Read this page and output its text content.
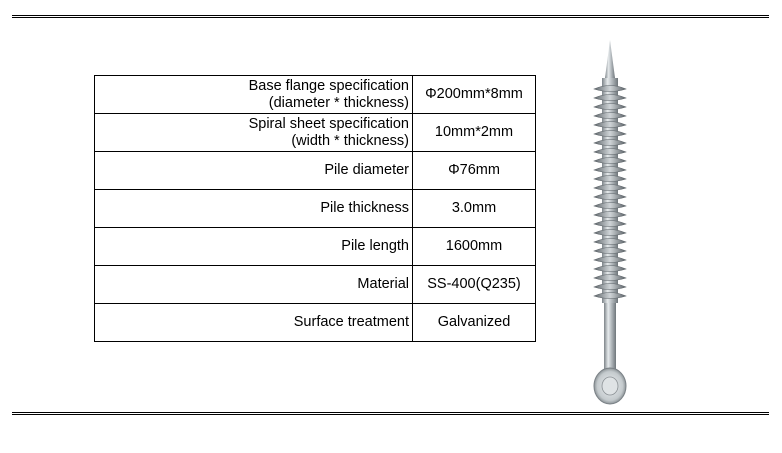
Base flange specification
(diameter * thickness)	Φ200mm*8mm

Spiral sheet specification
(width * thickness)	10mm*2mm
Pile diameter	Φ76mm
Pile thickness	3.0mm
Pile length	1600mm
Material	SS-400(Q235)
Surface treatment	Galvanized
